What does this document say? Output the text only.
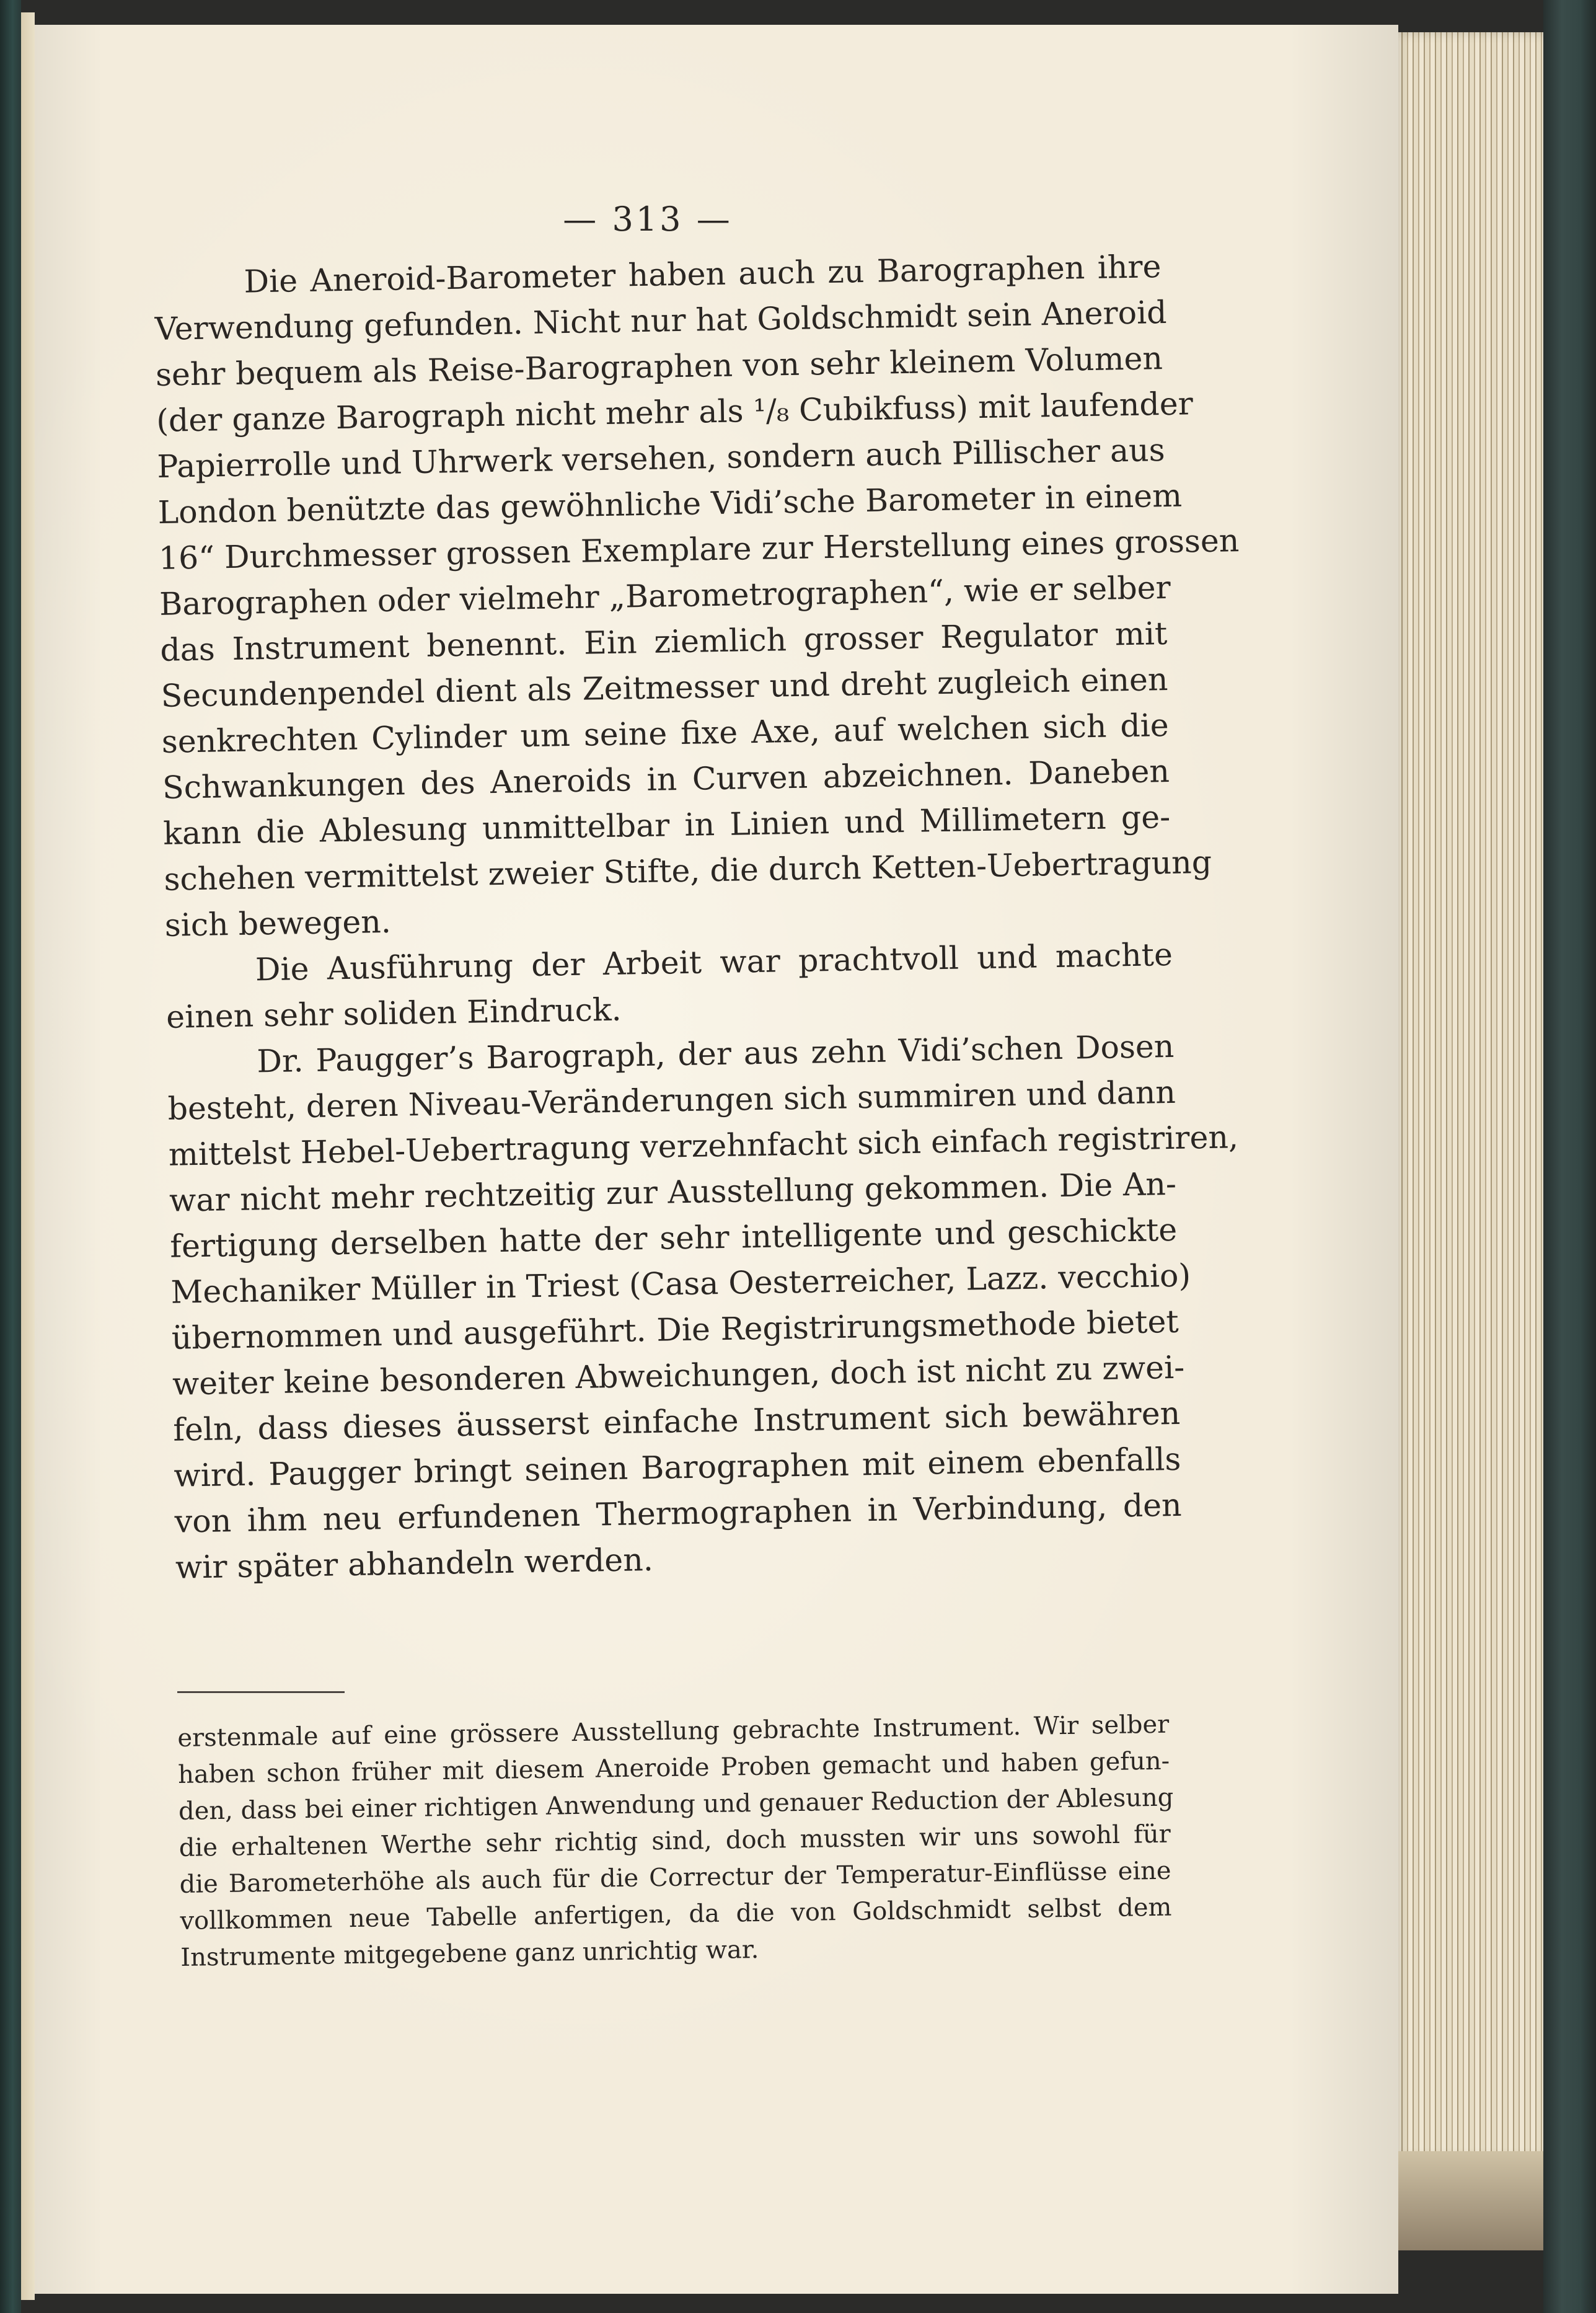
— 313 —
Die Aneroid-Barometer haben auch zu Barographen ihre
Verwendung gefunden. Nicht nur hat Goldschmidt sein Aneroid
sehr bequem als Reise-Barographen von sehr kleinem Volumen
(der ganze Barograph nicht mehr als ¹/₈ Cubikfuss) mit laufender
Papierrolle und Uhrwerk versehen, sondern auch Pillischer aus
London benützte das gewöhnliche Vidi’sche Barometer in einem
16“ Durchmesser grossen Exemplare zur Herstellung eines grossen
Barographen oder vielmehr „Barometrographen“, wie er selber
das Instrument benennt. Ein ziemlich grosser Regulator mit
Secundenpendel dient als Zeitmesser und dreht zugleich einen
senkrechten Cylinder um seine fixe Axe, auf welchen sich die
Schwankungen des Aneroids in Curven abzeichnen. Daneben
kann die Ablesung unmittelbar in Linien und Millimetern ge-
schehen vermittelst zweier Stifte, die durch Ketten-Uebertragung
sich bewegen.
Die Ausführung der Arbeit war prachtvoll und machte
einen sehr soliden Eindruck.
Dr. Paugger’s Barograph, der aus zehn Vidi’schen Dosen
besteht, deren Niveau-Veränderungen sich summiren und dann
mittelst Hebel-Uebertragung verzehnfacht sich einfach registriren,
war nicht mehr rechtzeitig zur Ausstellung gekommen. Die An-
fertigung derselben hatte der sehr intelligente und geschickte
Mechaniker Müller in Triest (Casa Oesterreicher, Lazz. vecchio)
übernommen und ausgeführt. Die Registrirungsmethode bietet
weiter keine besonderen Abweichungen, doch ist nicht zu zwei-
feln, dass dieses äusserst einfache Instrument sich bewähren
wird. Paugger bringt seinen Barographen mit einem ebenfalls
von ihm neu erfundenen Thermographen in Verbindung, den
wir später abhandeln werden.
erstenmale auf eine grössere Ausstellung gebrachte Instrument. Wir selber
haben schon früher mit diesem Aneroide Proben gemacht und haben gefun-
den, dass bei einer richtigen Anwendung und genauer Reduction der Ablesung
die erhaltenen Werthe sehr richtig sind, doch mussten wir uns sowohl für
die Barometerhöhe als auch für die Correctur der Temperatur-Einflüsse eine
vollkommen neue Tabelle anfertigen, da die von Goldschmidt selbst dem
Instrumente mitgegebene ganz unrichtig war.
